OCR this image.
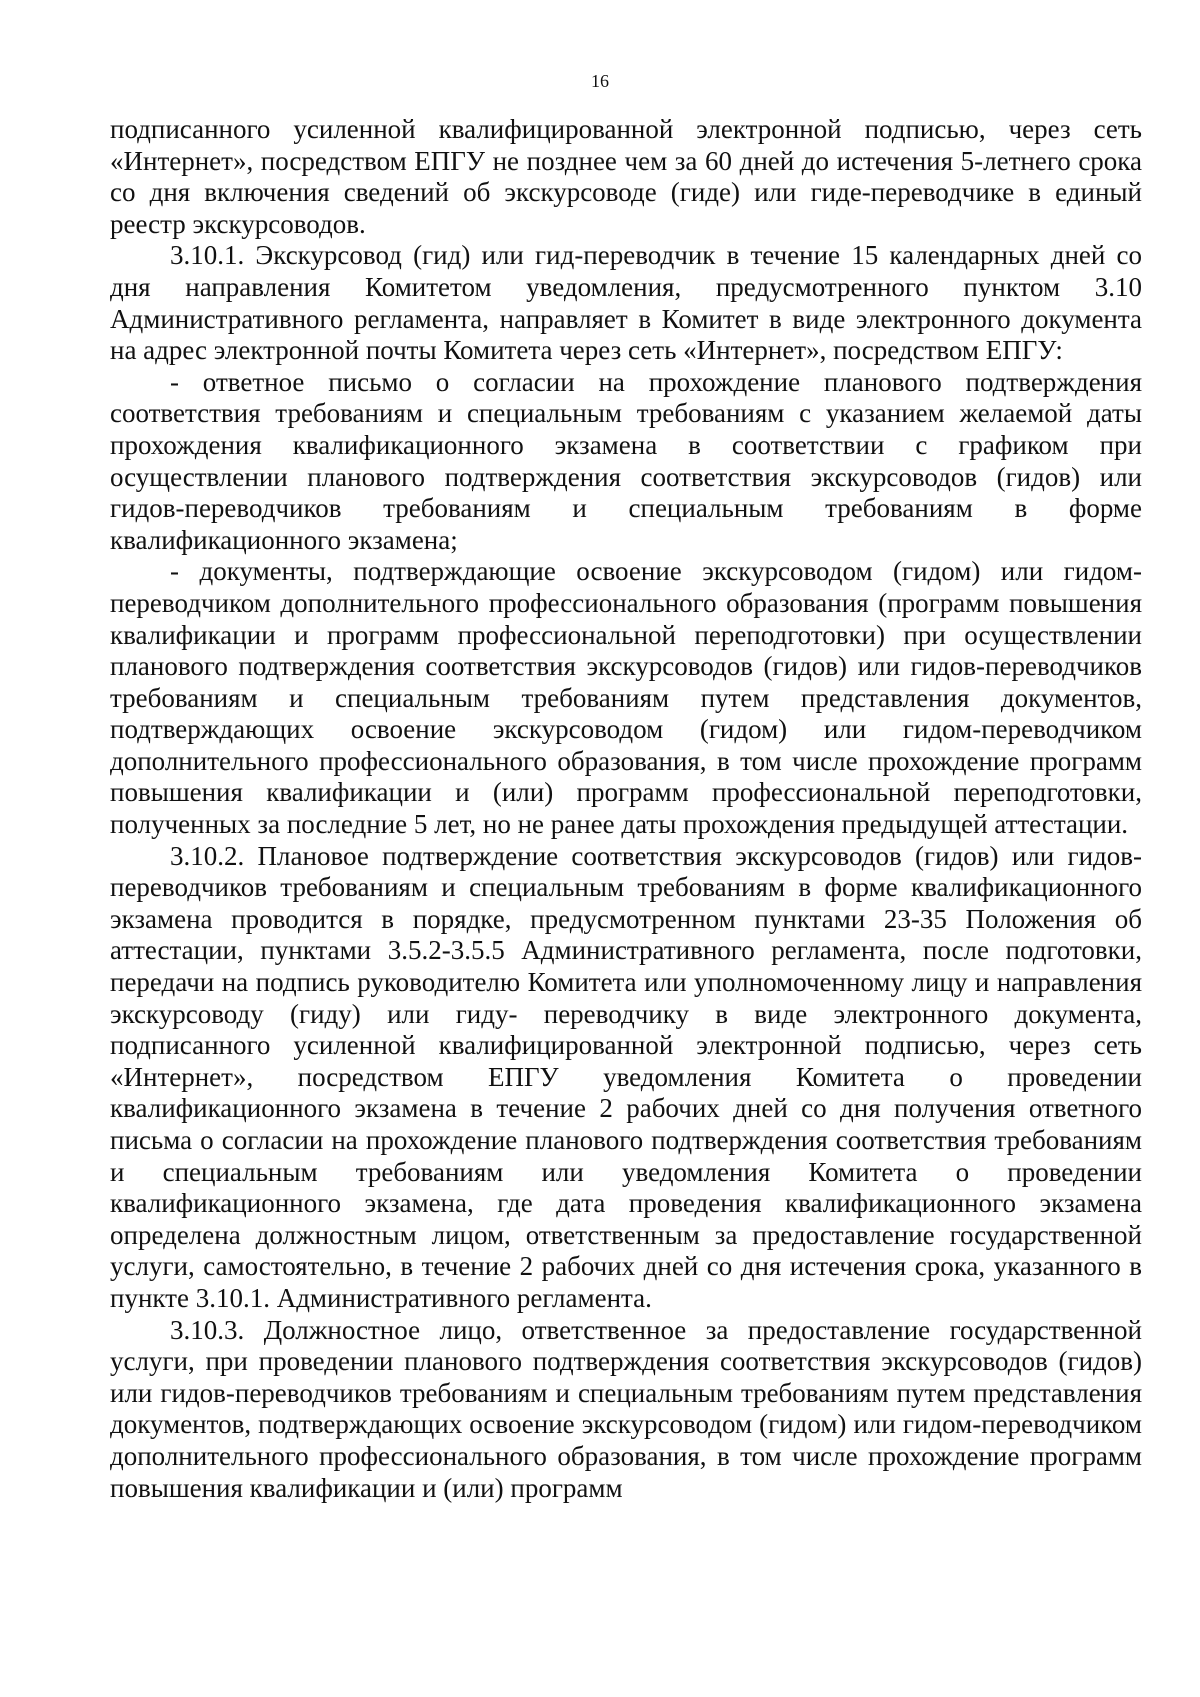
16

подписанного усиленной квалифицированной электронной подписью, через сеть «Интернет», посредством ЕПГУ не позднее чем за 60 дней до истечения 5-летнего срока со дня включения сведений об экскурсоводе (гиде) или гиде-переводчике в единый реестр экскурсоводов.

3.10.1. Экскурсовод (гид) или гид-переводчик в течение 15 календарных дней со дня направления Комитетом уведомления, предусмотренного пунктом 3.10 Административного регламента, направляет в Комитет в виде электронного документа на адрес электронной почты Комитета через сеть «Интернет», посредством ЕПГУ:

- ответное письмо о согласии на прохождение планового подтверждения соответствия требованиям и специальным требованиям с указанием желаемой даты прохождения квалификационного экзамена в соответствии с графиком при осуществлении планового подтверждения соответствия экскурсоводов (гидов) или гидов-переводчиков требованиям и специальным требованиям в форме квалификационного экзамена;

- документы, подтверждающие освоение экскурсоводом (гидом) или гидом-переводчиком дополнительного профессионального образования (программ повышения квалификации и программ профессиональной переподготовки) при осуществлении планового подтверждения соответствия экскурсоводов (гидов) или гидов-переводчиков требованиям и специальным требованиям путем представления документов, подтверждающих освоение экскурсоводом (гидом) или гидом-переводчиком дополнительного профессионального образования, в том числе прохождение программ повышения квалификации и (или) программ профессиональной переподготовки, полученных за последние 5 лет, но не ранее даты прохождения предыдущей аттестации.

3.10.2. Плановое подтверждение соответствия экскурсоводов (гидов) или гидов-переводчиков требованиям и специальным требованиям в форме квалификационного экзамена проводится в порядке, предусмотренном пунктами 23-35 Положения об аттестации, пунктами 3.5.2-3.5.5 Административного регламента, после подготовки, передачи на подпись руководителю Комитета или уполномоченному лицу и направления экскурсоводу (гиду) или гиду- переводчику в виде электронного документа, подписанного усиленной квалифицированной электронной подписью, через сеть «Интернет», посредством ЕПГУ уведомления Комитета о проведении квалификационного экзамена в течение 2 рабочих дней со дня получения ответного письма о согласии на прохождение планового подтверждения соответствия требованиям и специальным требованиям или уведомления Комитета о проведении квалификационного экзамена, где дата проведения квалификационного экзамена определена должностным лицом, ответственным за предоставление государственной услуги, самостоятельно, в течение 2 рабочих дней со дня истечения срока, указанного в пункте 3.10.1. Административного регламента.

3.10.3. Должностное лицо, ответственное за предоставление государственной услуги, при проведении планового подтверждения соответствия экскурсоводов (гидов) или гидов-переводчиков требованиям и специальным требованиям путем представления документов, подтверждающих освоение экскурсоводом (гидом) или гидом-переводчиком дополнительного профессионального образования, в том числе прохождение программ повышения квалификации и (или) программ
